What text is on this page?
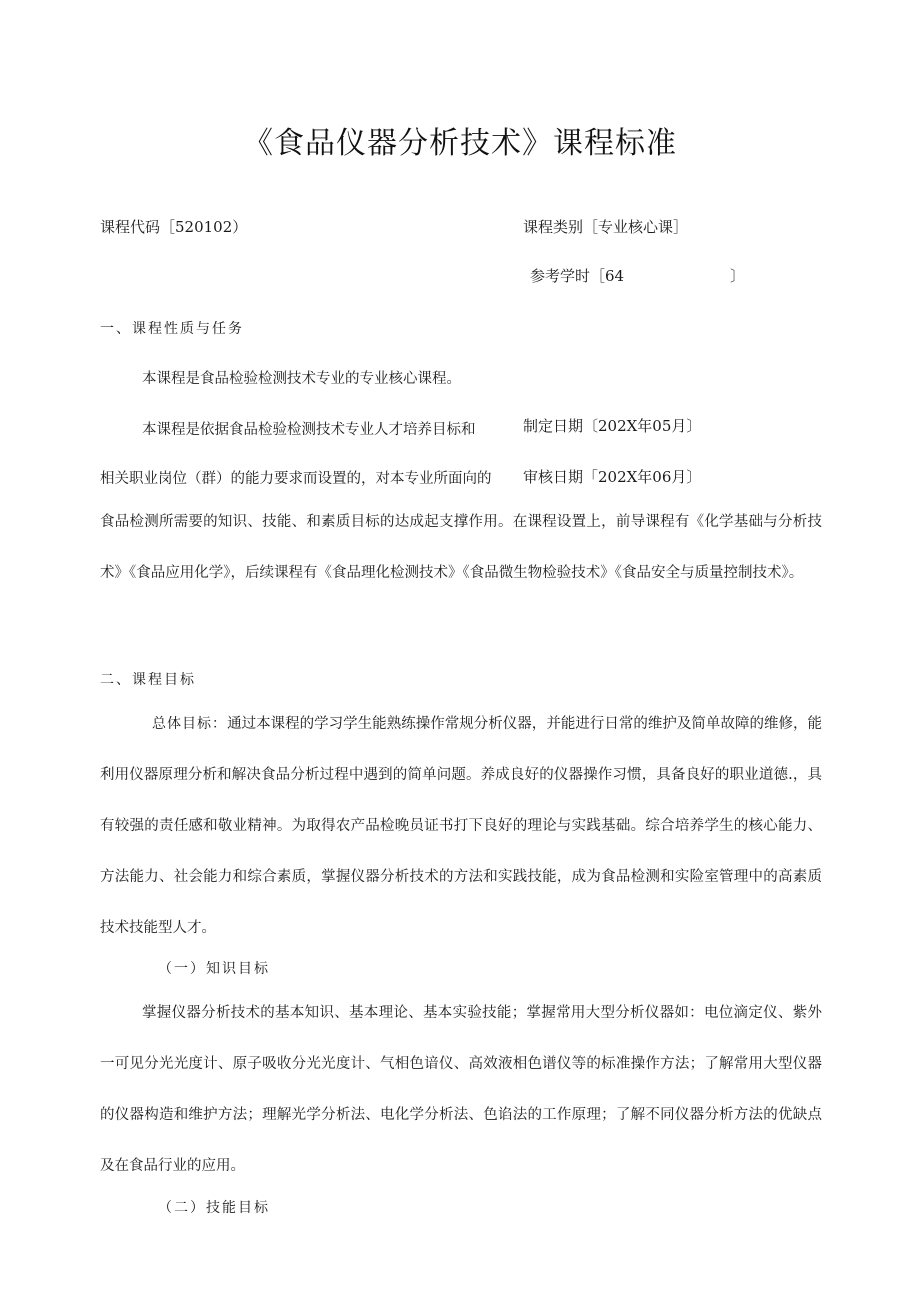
《食品仪器分析技术》课程标准
课程代码［520102）	课程类别［专业核心课］
参考学时［64	〕
一、课程性质与任务
本课程是食品检验检测技术专业的专业核心课程。
本课程是依据食品检验检测技术专业人才培养目标和	制定日期〔202X年05月〕
相关职业岗位（群）的能力要求而设置的，对本专业所面向的 审核日期「202X年06月〕
食品检测所需要的知识、技能、和素质目标的达成起支撑作用。在课程设置上，前导课程有《化学基础与分析技术》《食品应用化学》，后续课程有《食品理化检测技术》《食品微生物检验技术》《食品安全与质量控制技术》。
二、课程目标
总体目标：通过本课程的学习学生能熟练操作常规分析仪器，并能进行日常的维护及简单故障的维修，能利用仪器原理分析和解决食品分析过程中遇到的简单问题。养成良好的仪器操作习惯，具备良好的职业道德.，具有较强的责任感和敬业精神。为取得农产品检晚员证书打下良好的理论与实践基础。综合培养学生的核心能力、方法能力、社会能力和综合素质，掌握仪器分析技术的方法和实践技能，成为食品检测和实险室管理中的高素质技术技能型人才。
（一）知识目标
掌握仪器分析技术的基本知识、基本理论、基本实验技能；掌握常用大型分析仪器如：电位滴定仪、紫外一可见分光光度计、原子吸收分光光度计、气相色谙仪、高效液相色谱仪等的标准操作方法；了解常用大型仪器的仪器构造和维护方法；理解光学分析法、电化学分析法、色谄法的工作原理；了解不同仪器分析方法的优缺点及在食品行业的应用。
（二）技能目标
